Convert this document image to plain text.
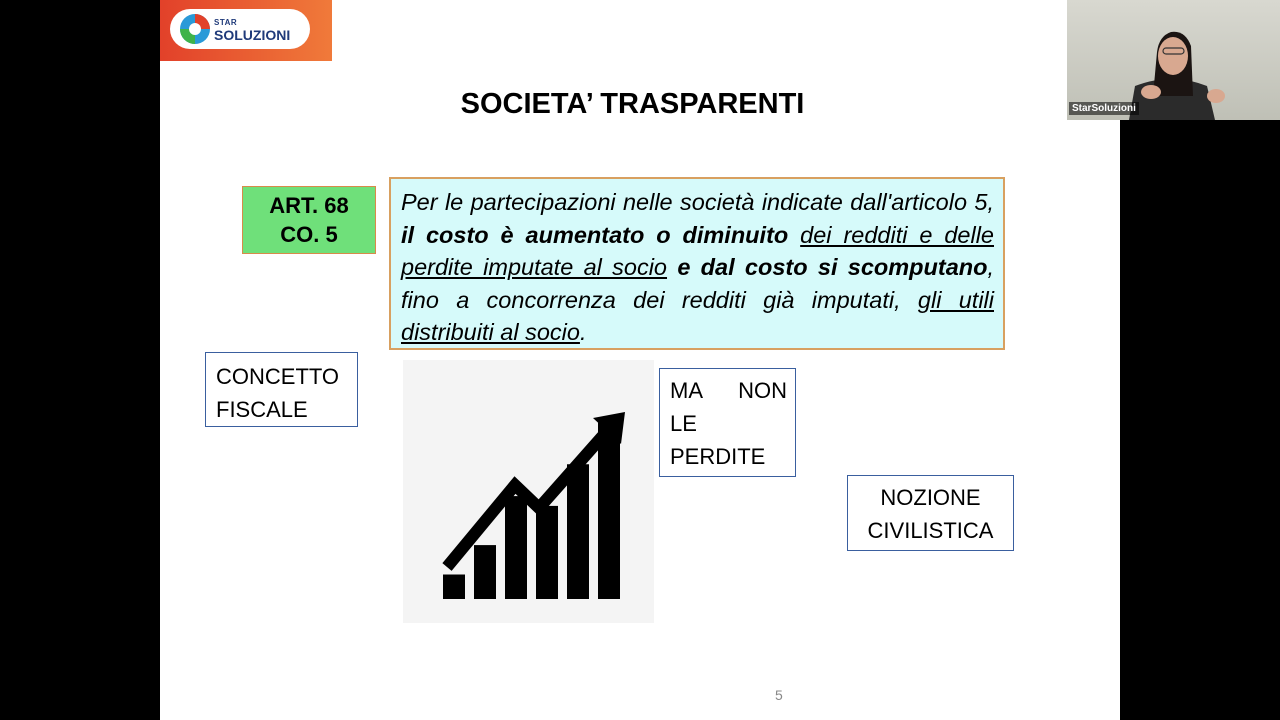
STAR
SOLUZIONI
SOCIETA’ TRASPARENTI
ART. 68
CO. 5
Per le partecipazioni nelle società indicate dall'articolo 5, il costo è aumentato o diminuito dei redditi e delle perdite imputate al socio e dal costo si scomputano, fino a concorrenza dei redditi già imputati, gli utili distribuiti al socio.
CONCETTO
FISCALE
MA NON
LE
PERDITE
NOZIONE
CIVILISTICA
5
StarSoluzioni
